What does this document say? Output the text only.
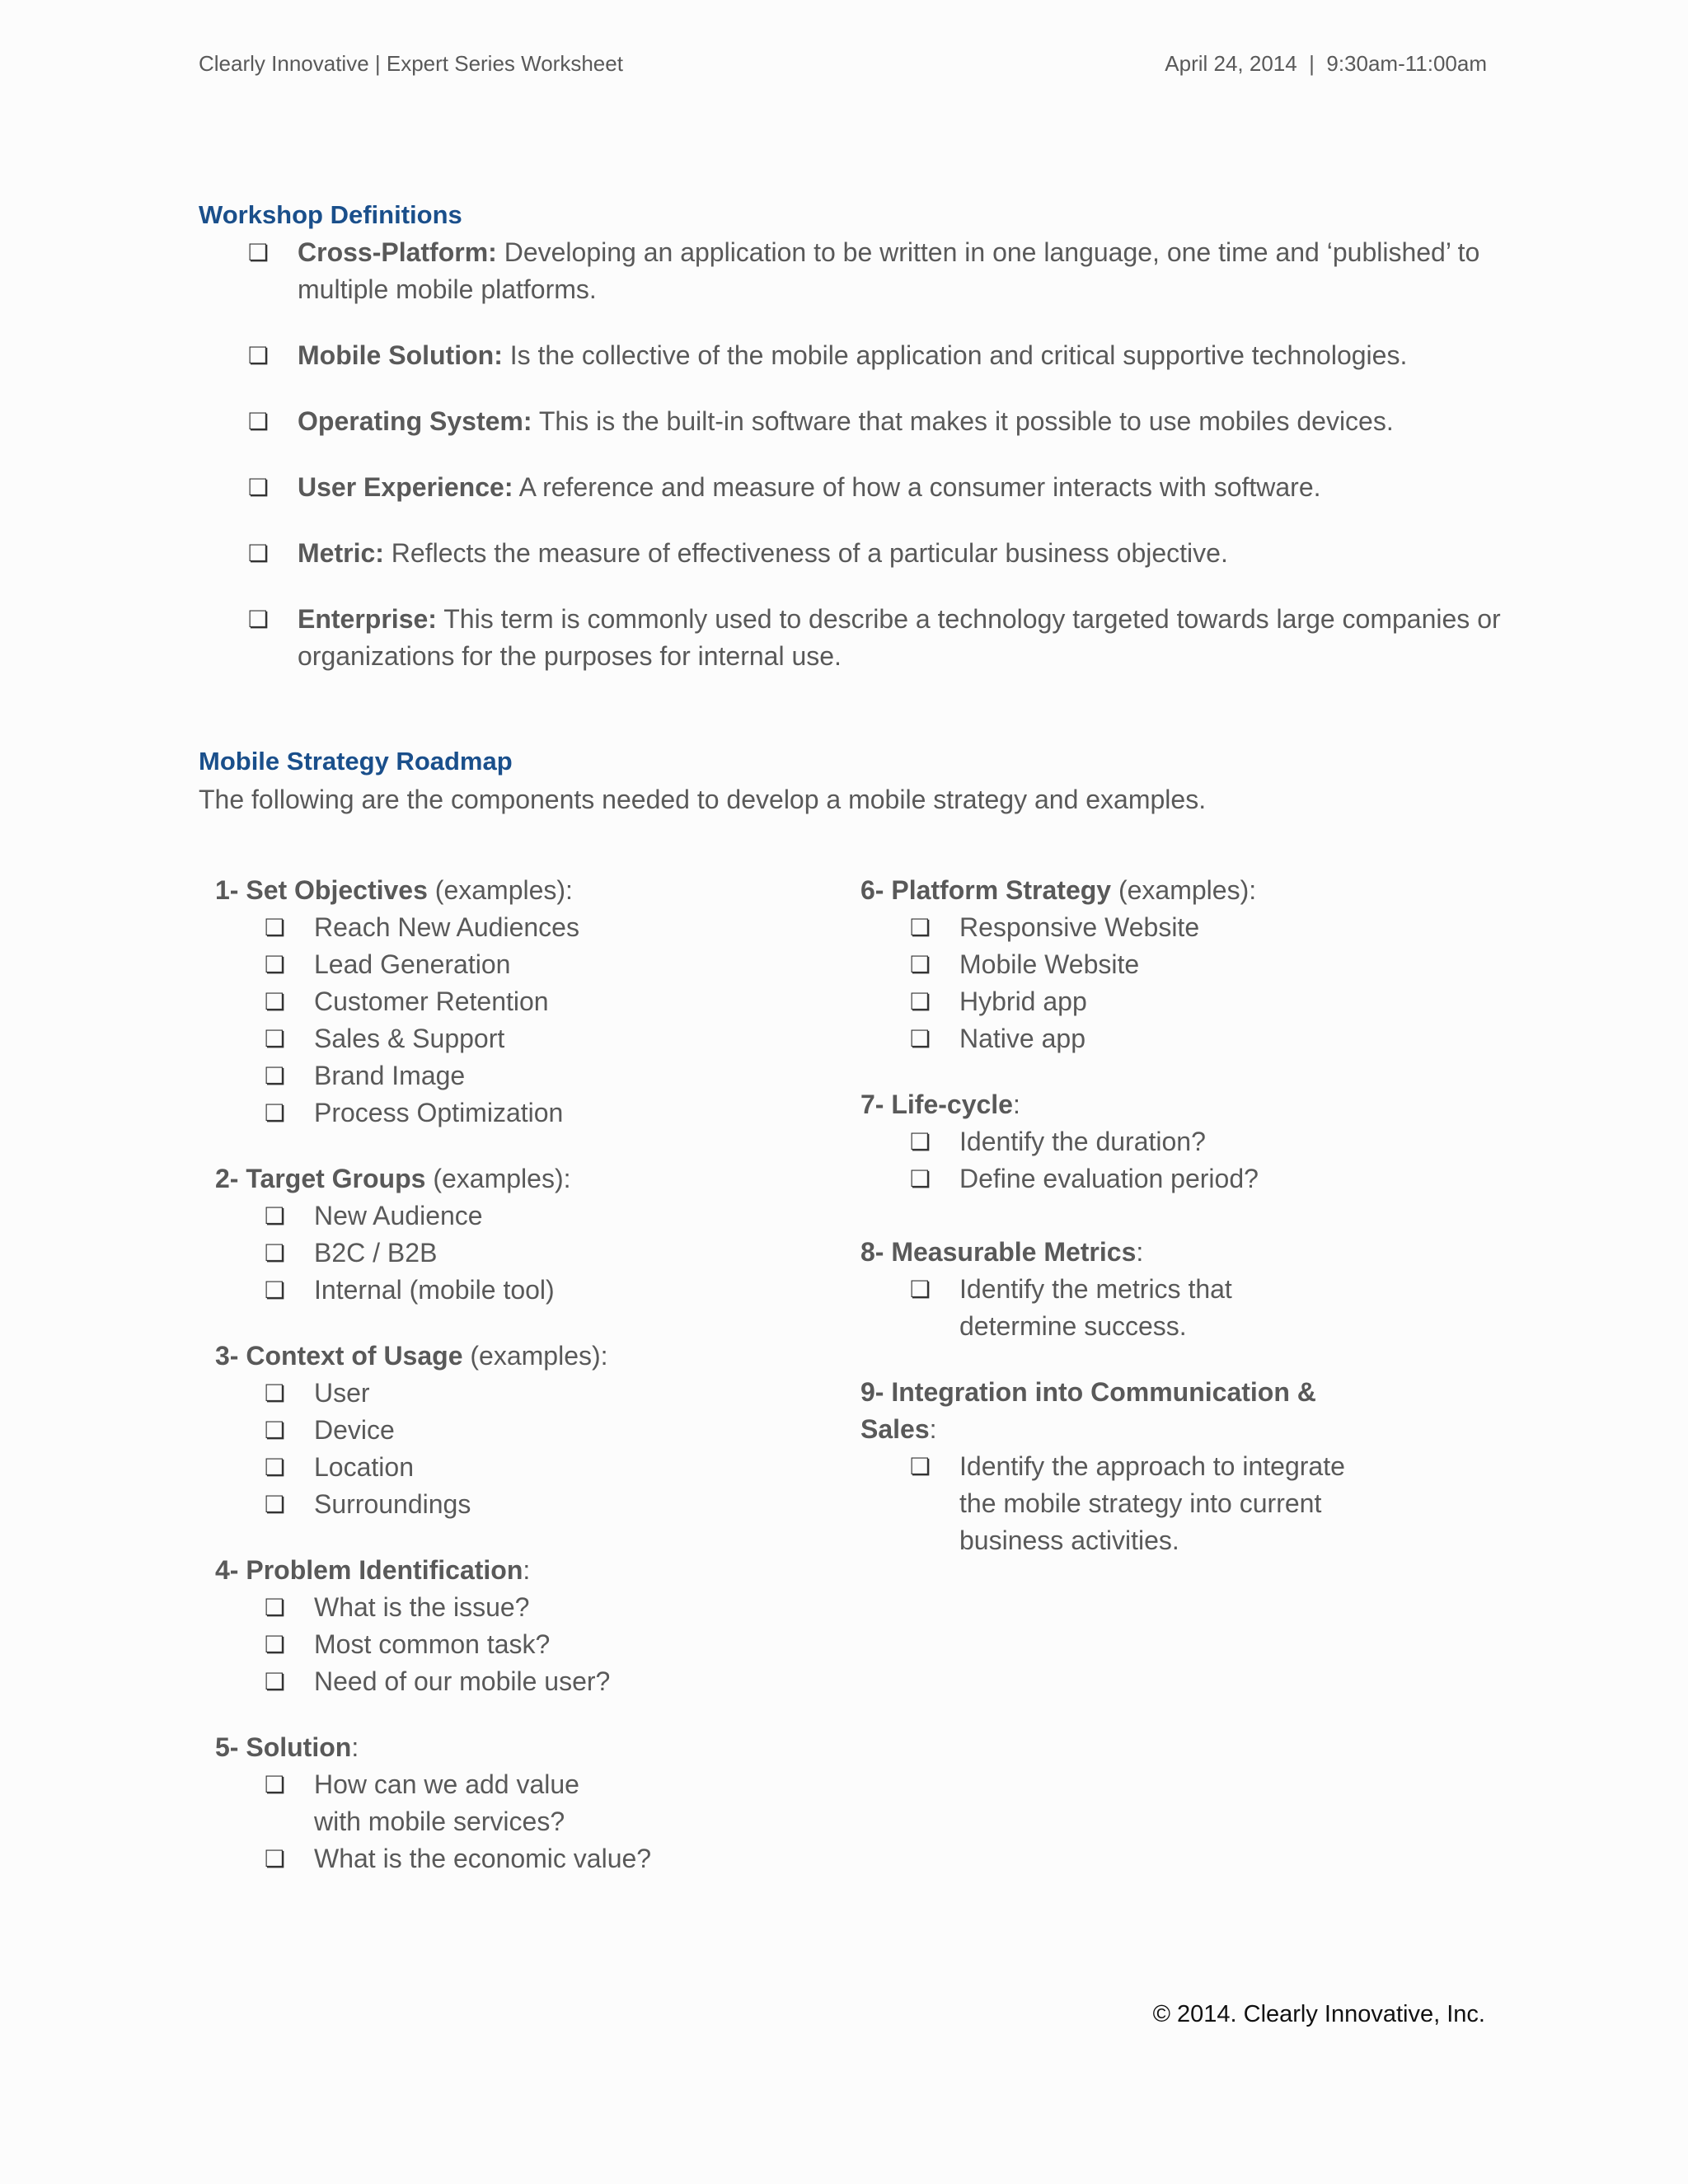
Clearly Innovative | Expert Series Worksheet	April 24, 2014  |  9:30am-11:00am
Workshop Definitions
❏ Cross-Platform: Developing an application to be written in one language, one time and ‘published’ to multiple mobile platforms.
❏ Mobile Solution: Is the collective of the mobile application and critical supportive technologies.
❏ Operating System: This is the built-in software that makes it possible to use mobiles devices.
❏ User Experience: A reference and measure of how a consumer interacts with software.
❏ Metric: Reflects the measure of effectiveness of a particular business objective.
❏ Enterprise: This term is commonly used to describe a technology targeted towards large companies or organizations for the purposes for internal use.
Mobile Strategy Roadmap
The following are the components needed to develop a mobile strategy and examples.
1- Set Objectives (examples):
❏ Reach New Audiences
❏ Lead Generation
❏ Customer Retention
❏ Sales & Support
❏ Brand Image
❏ Process Optimization
2- Target Groups (examples):
❏ New Audience
❏ B2C / B2B
❏ Internal (mobile tool)
3- Context of Usage (examples):
❏ User
❏ Device
❏ Location
❏ Surroundings
4- Problem Identification:
❏ What is the issue?
❏ Most common task?
❏ Need of our mobile user?
5- Solution:
❏ How can we add value with mobile services?
❏ What is the economic value?
6- Platform Strategy (examples):
❏ Responsive Website
❏ Mobile Website
❏ Hybrid app
❏ Native app
7- Life-cycle:
❏ Identify the duration?
❏ Define evaluation period?
8- Measurable Metrics:
❏ Identify the metrics that determine success.
9- Integration into Communication & Sales:
❏ Identify the approach to integrate the mobile strategy into current business activities.
© 2014. Clearly Innovative, Inc.
